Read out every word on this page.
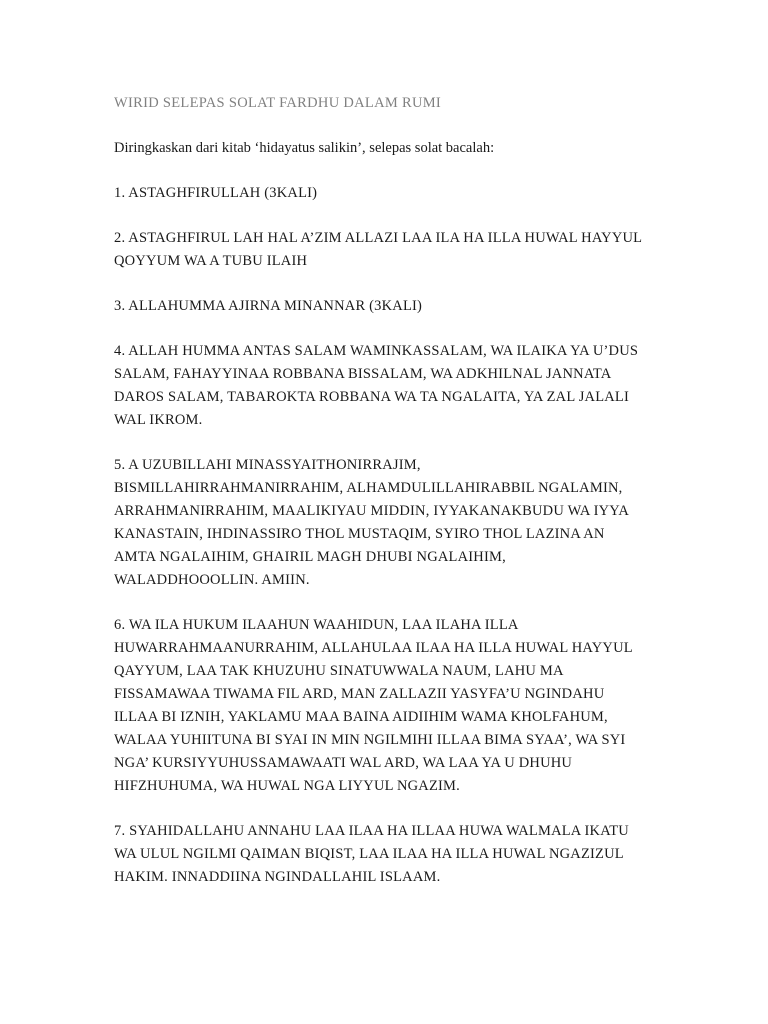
WIRID SELEPAS SOLAT FARDHU DALAM RUMI

Diringkaskan dari kitab ‘hidayatus salikin’, selepas solat bacalah:

1. ASTAGHFIRULLAH (3KALI)

2. ASTAGHFIRUL LAH HAL A’ZIM ALLAZI LAA ILA HA ILLA HUWAL HAYYUL
QOYYUM WA A TUBU ILAIH

3. ALLAHUMMA AJIRNA MINANNAR (3KALI)

4. ALLAH HUMMA ANTAS SALAM WAMINKASSALAM, WA ILAIKA YA U’DUS
SALAM, FAHAYYINAA ROBBANA BISSALAM, WA ADKHILNAL JANNATA
DAROS SALAM, TABAROKTA ROBBANA WA TA NGALAITA, YA ZAL JALALI
WAL IKROM.

5. A UZUBILLAHI MINASSYAITHONIRRAJIM,
BISMILLAHIRRAHMANIRRAHIM, ALHAMDULILLAHIRABBIL NGALAMIN,
ARRAHMANIRRAHIM, MAALIKIYAU MIDDIN, IYYAKANAKBUDU WA IYYA
KANASTAIN, IHDINASSIRO THOL MUSTAQIM, SYIRO THOL LAZINA AN
AMTA NGALAIHIM, GHAIRIL MAGH DHUBI NGALAIHIM,
WALADDHOOOLLIN. AMIIN.

6. WA ILA HUKUM ILAAHUN WAAHIDUN, LAA ILAHA ILLA
HUWARRAHMAANURRAHIM, ALLAHULAA ILAA HA ILLA HUWAL HAYYUL
QAYYUM, LAA TAK KHUZUHU SINATUWWALA NAUM, LAHU MA
FISSAMAWAA TIWAMA FIL ARD, MAN ZALLAZII YASYFA’U NGINDAHU
ILLAA BI IZNIH, YAKLAMU MAA BAINA AIDIIHIM WAMA KHOLFAHUM,
WALAA YUHIITUNA BI SYAI IN MIN NGILMIHI ILLAA BIMA SYAA’, WA SYI
NGA’ KURSIYYUHUSSAMAWAATI WAL ARD, WA LAA YA U DHUHU
HIFZHUHUMA, WA HUWAL NGA LIYYUL NGAZIM.

7. SYAHIDALLAHU ANNAHU LAA ILAA HA ILLAA HUWA WALMALA IKATU
WA ULUL NGILMI QAIMAN BIQIST, LAA ILAA HA ILLA HUWAL NGAZIZUL
HAKIM. INNADDIINA NGINDALLAHIL ISLAAM.
